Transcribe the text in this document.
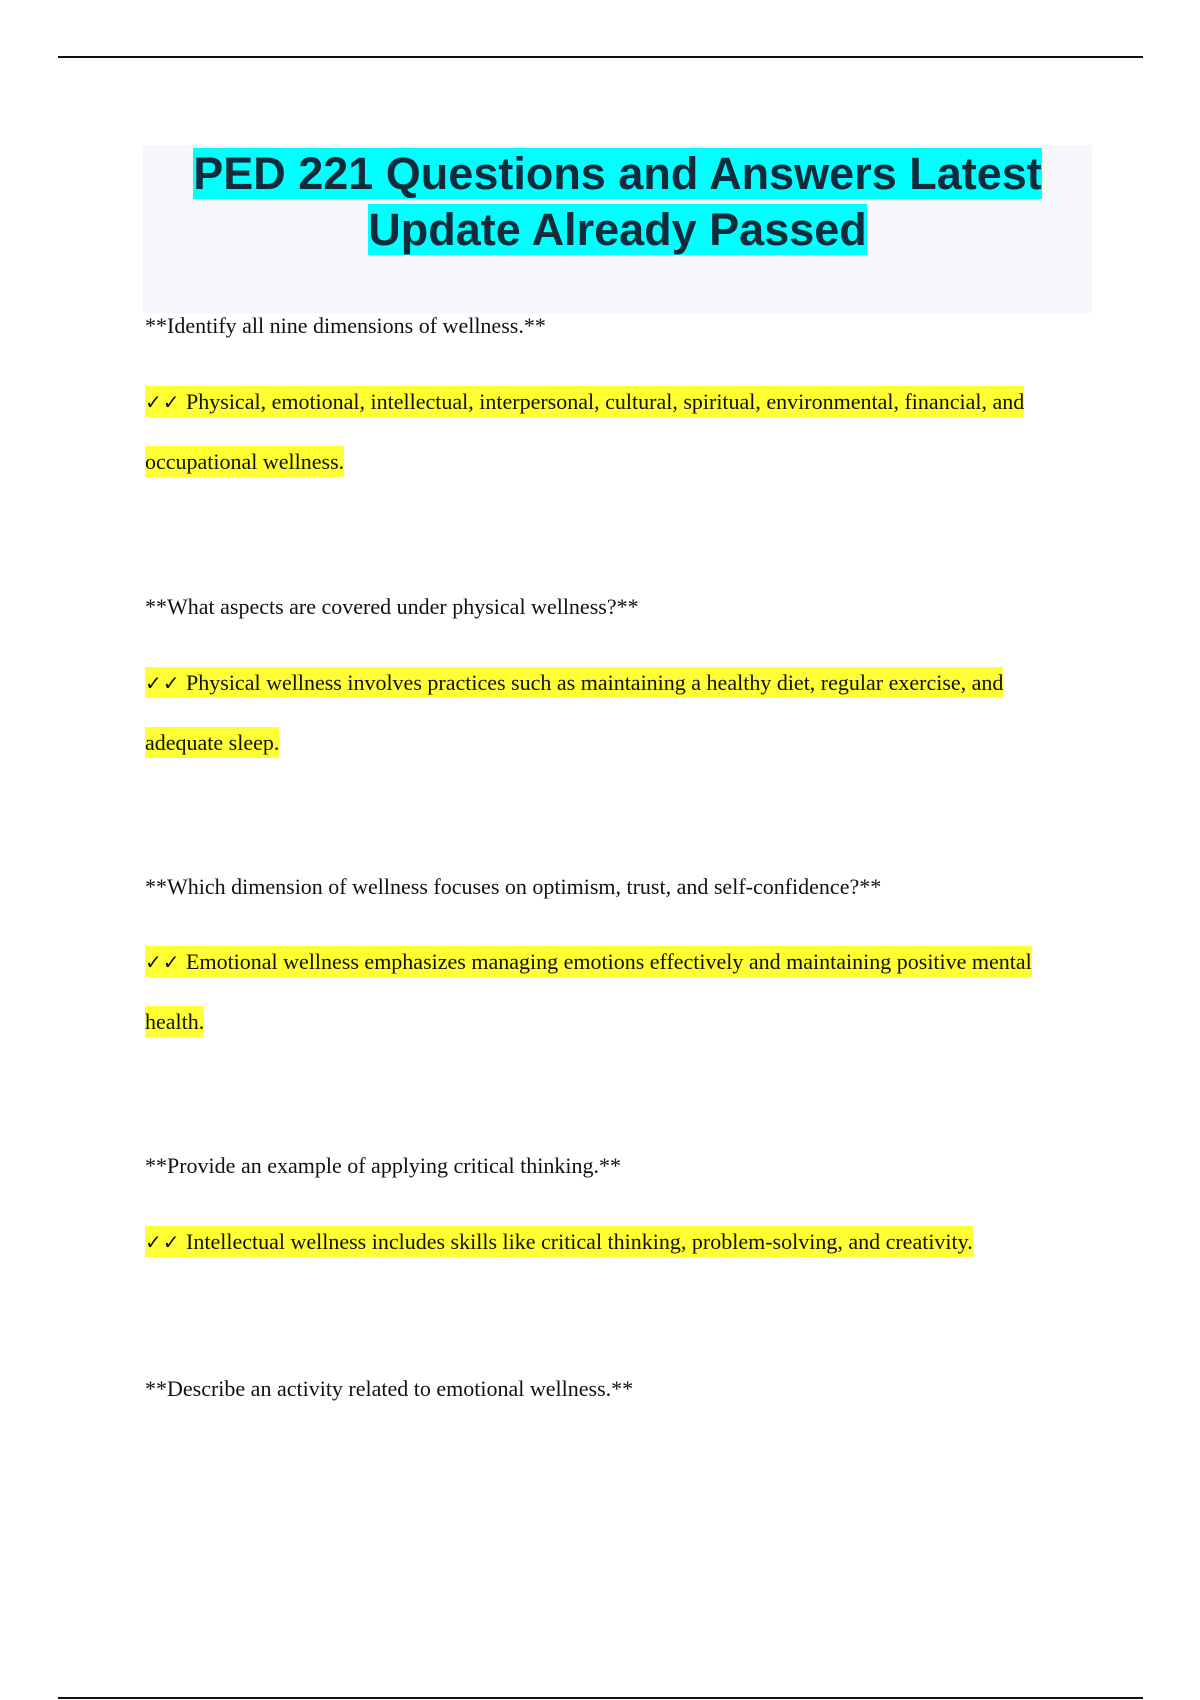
PED 221 Questions and Answers Latest Update Already Passed

**Identify all nine dimensions of wellness.**

✓✓ Physical, emotional, intellectual, interpersonal, cultural, spiritual, environmental, financial, and occupational wellness.

**What aspects are covered under physical wellness?**

✓✓ Physical wellness involves practices such as maintaining a healthy diet, regular exercise, and adequate sleep.

**Which dimension of wellness focuses on optimism, trust, and self-confidence?**

✓✓ Emotional wellness emphasizes managing emotions effectively and maintaining positive mental health.

**Provide an example of applying critical thinking.**

✓✓ Intellectual wellness includes skills like critical thinking, problem-solving, and creativity.

**Describe an activity related to emotional wellness.**
